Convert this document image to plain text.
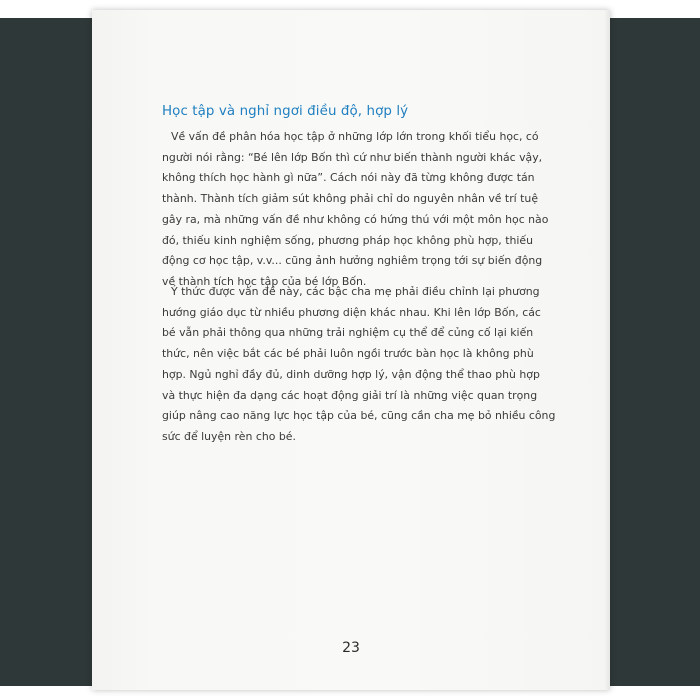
Học tập và nghỉ ngơi điều độ, hợp lý

Về vấn đề phân hóa học tập ở những lớp lớn trong khối tiểu học, có
người nói rằng: “Bé lên lớp Bốn thì cứ như biến thành người khác vậy,
không thích học hành gì nữa”. Cách nói này đã từng không được tán
thành. Thành tích giảm sút không phải chỉ do nguyên nhân về trí tuệ
gây ra, mà những vấn đề như không có hứng thú với một môn học nào
đó, thiếu kinh nghiệm sống, phương pháp học không phù hợp, thiếu
động cơ học tập, v.v... cũng ảnh hưởng nghiêm trọng tới sự biến động
về thành tích học tập của bé lớp Bốn.

Ý thức được vấn đề này, các bậc cha mẹ phải điều chỉnh lại phương
hướng giáo dục từ nhiều phương diện khác nhau. Khi lên lớp Bốn, các
bé vẫn phải thông qua những trải nghiệm cụ thể để củng cố lại kiến
thức, nên việc bắt các bé phải luôn ngồi trước bàn học là không phù
hợp. Ngủ nghỉ đầy đủ, dinh dưỡng hợp lý, vận động thể thao phù hợp
và thực hiện đa dạng các hoạt động giải trí là những việc quan trọng
giúp nâng cao năng lực học tập của bé, cũng cần cha mẹ bỏ nhiều công
sức để luyện rèn cho bé.

23
